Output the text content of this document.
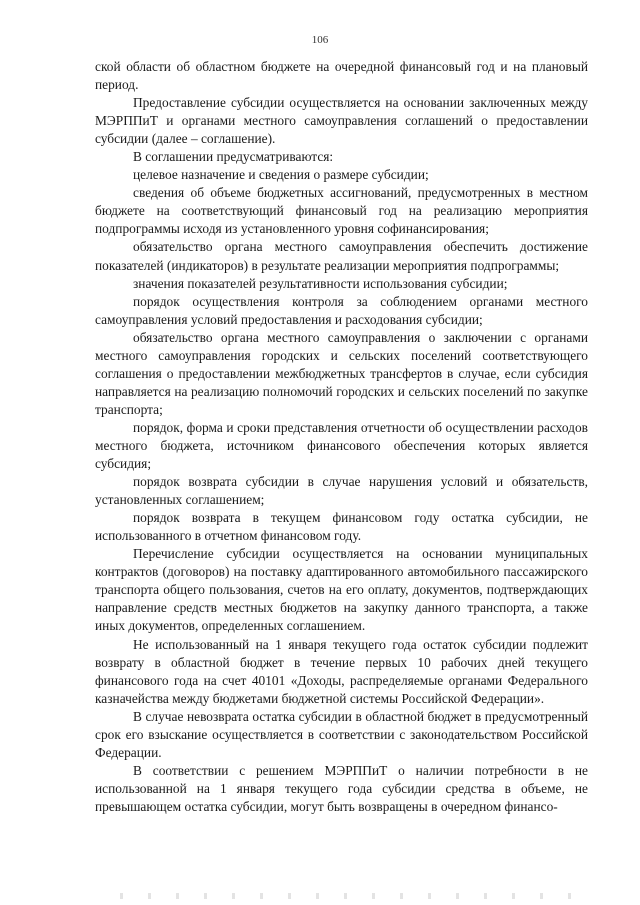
106

ской области об областном бюджете на очередной финансовый год и на плановый период.

Предоставление субсидии осуществляется на основании заключенных между МЭРППиТ и органами местного самоуправления соглашений о предоставлении субсидии (далее – соглашение).

В соглашении предусматриваются:

целевое назначение и сведения о размере субсидии;

сведения об объеме бюджетных ассигнований, предусмотренных в местном бюджете на соответствующий финансовый год на реализацию мероприятия подпрограммы исходя из установленного уровня софинансирования;

обязательство органа местного самоуправления обеспечить достижение показателей (индикаторов) в результате реализации мероприятия подпрограммы;

значения показателей результативности использования субсидии;

порядок осуществления контроля за соблюдением органами местного самоуправления условий предоставления и расходования субсидии;

обязательство органа местного самоуправления о заключении с органами местного самоуправления городских и сельских поселений соответствующего соглашения о предоставлении межбюджетных трансфертов в случае, если субсидия направляется на реализацию полномочий городских и сельских поселений по закупке транспорта;

порядок, форма и сроки представления отчетности об осуществлении расходов местного бюджета, источником финансового обеспечения которых является субсидия;

порядок возврата субсидии в случае нарушения условий и обязательств, установленных соглашением;

порядок возврата в текущем финансовом году остатка субсидии, не использованного в отчетном финансовом году.

Перечисление субсидии осуществляется на основании муниципальных контрактов (договоров) на поставку адаптированного автомобильного пассажирского транспорта общего пользования, счетов на его оплату, документов, подтверждающих направление средств местных бюджетов на закупку данного транспорта, а также иных документов, определенных соглашением.

Не использованный на 1 января текущего года остаток субсидии подлежит возврату в областной бюджет в течение первых 10 рабочих дней текущего финансового года на счет 40101 «Доходы, распределяемые органами Федерального казначейства между бюджетами бюджетной системы Российской Федерации».

В случае невозврата остатка субсидии в областной бюджет в предусмотренный срок его взыскание осуществляется в соответствии с законодательством Российской Федерации.

В соответствии с решением МЭРППиТ о наличии потребности в не использованной на 1 января текущего года субсидии средства в объеме, не превышающем остатка субсидии, могут быть возвращены в очередном финансо-
